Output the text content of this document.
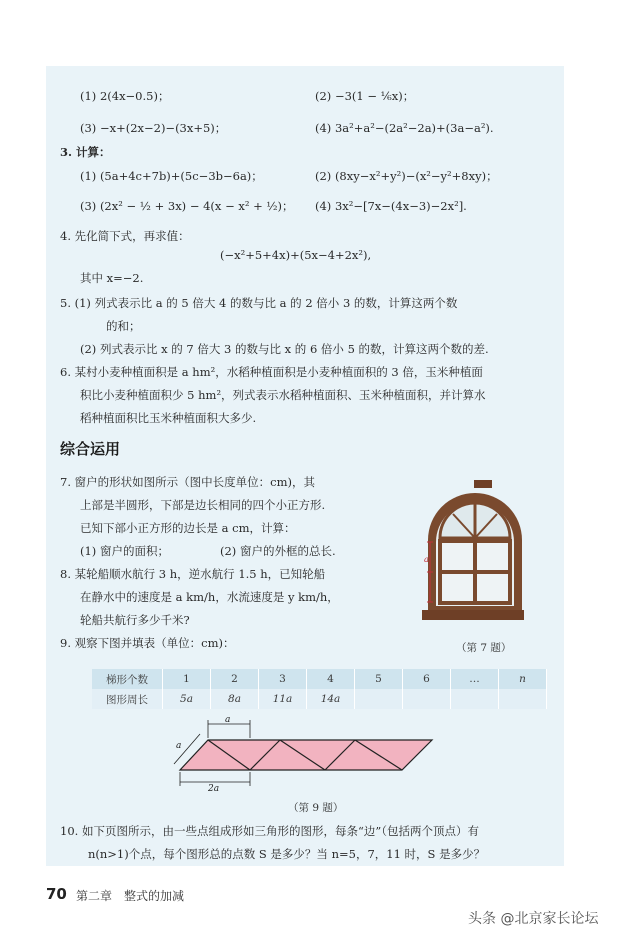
(1) 2(4x−0.5)；	(2) −3(1 − ⅙x)；
(3) −x+(2x−2)−(3x+5)；	(4) 3a²+a²−(2a²−2a)+(3a−a²).
3. 计算：
(1) (5a+4c+7b)+(5c−3b−6a)；	(2) (8xy−x²+y²)−(x²−y²+8xy)；
(3) (2x² − ½ + 3x) − 4(x − x² + ½)； (4) 3x²−[7x−(4x−3)−2x²].
4. 先化简下式，再求值：
(−x²+5+4x)+(5x−4+2x²),
其中 x=−2.
5. (1) 列式表示比 a 的 5 倍大 4 的数与比 a 的 2 倍小 3 的数，计算这两个数
的和；
(2) 列式表示比 x 的 7 倍大 3 的数与比 x 的 6 倍小 5 的数，计算这两个数的差.
6. 某村小麦种植面积是 a hm²，水稻种植面积是小麦种植面积的 3 倍，玉米种植面
积比小麦种植面积少 5 hm²，列式表示水稻种植面积、玉米种植面积，并计算水
稻种植面积比玉米种植面积大多少.
综合运用
7. 窗户的形状如图所示（图中长度单位：cm)，其
上部是半圆形，下部是边长相同的四个小正方形.
已知下部小正方形的边长是 a cm，计算：
(1) 窗户的面积；	(2) 窗户的外框的总长.
8. 某轮船顺水航行 3 h，逆水航行 1.5 h，已知轮船
在静水中的速度是 a km/h，水流速度是 y km/h，
轮船共航行多少千米?
a
（第 7 题）
9. 观察下图并填表（单位：cm)：
梯形个数	1	2	3	4	5	6	…	n
图形周长	5a	8a	11a	14a				
a
2a
a
（第 9 题）
10. 如下页图所示，由一些点组成形如三角形的图形，每条“边”（包括两个顶点）有
n(n>1)个点，每个图形总的点数 S 是多少？当 n=5，7，11 时，S 是多少？
70 第二章　整式的加减
头条 @北京家长论坛
